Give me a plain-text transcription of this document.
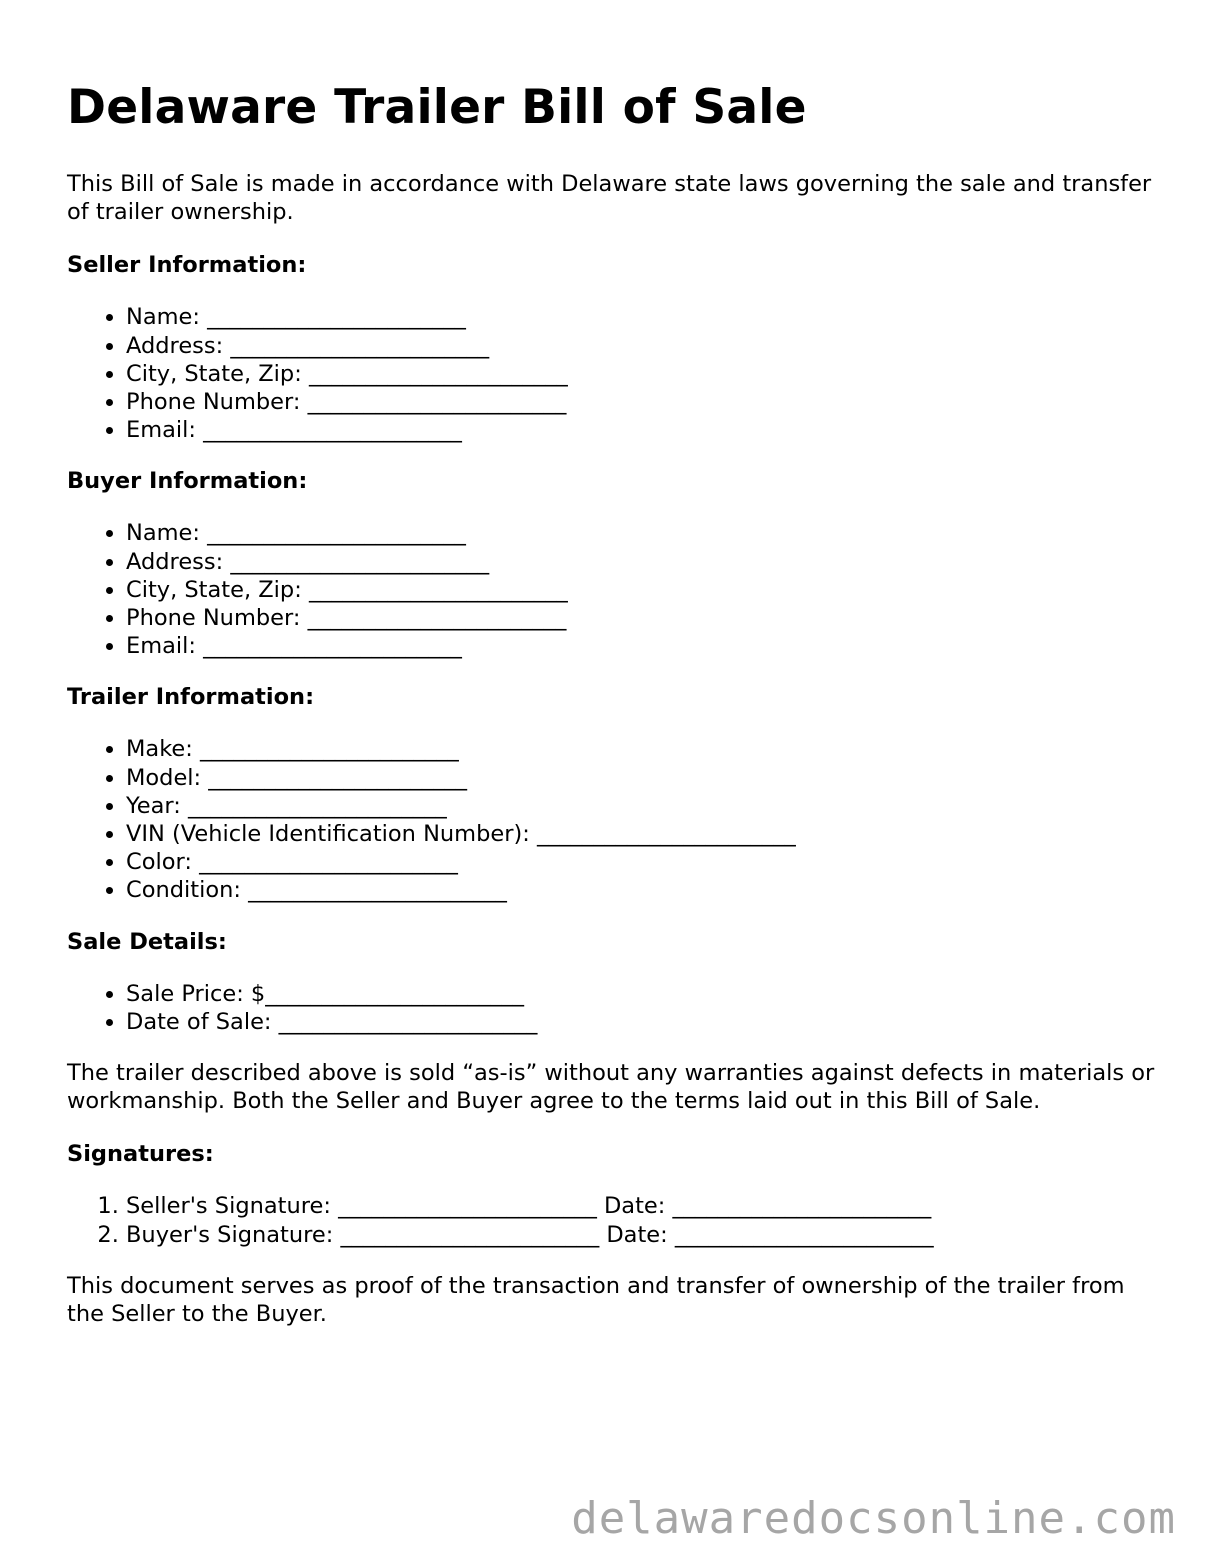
Delaware Trailer Bill of Sale

This Bill of Sale is made in accordance with Delaware state laws governing the sale and transfer of trailer ownership.

Seller Information:
• Name: _______________________
• Address: _______________________
• City, State, Zip: _______________________
• Phone Number: _______________________
• Email: _______________________
Buyer Information:
• Name: _______________________
• Address: _______________________
• City, State, Zip: _______________________
• Phone Number: _______________________
• Email: _______________________
Trailer Information:
• Make: _______________________
• Model: _______________________
• Year: _______________________
• VIN (Vehicle Identification Number): _______________________
• Color: _______________________
• Condition: _______________________
Sale Details:
• Sale Price: $_______________________
• Date of Sale: _______________________

The trailer described above is sold “as-is” without any warranties against defects in materials or workmanship. Both the Seller and Buyer agree to the terms laid out in this Bill of Sale.

Signatures:
1. Seller's Signature: _______________________ Date: _______________________
2. Buyer's Signature: _______________________ Date: _______________________

This document serves as proof of the transaction and transfer of ownership of the trailer from the Seller to the Buyer.

delawaredocsonline.com
